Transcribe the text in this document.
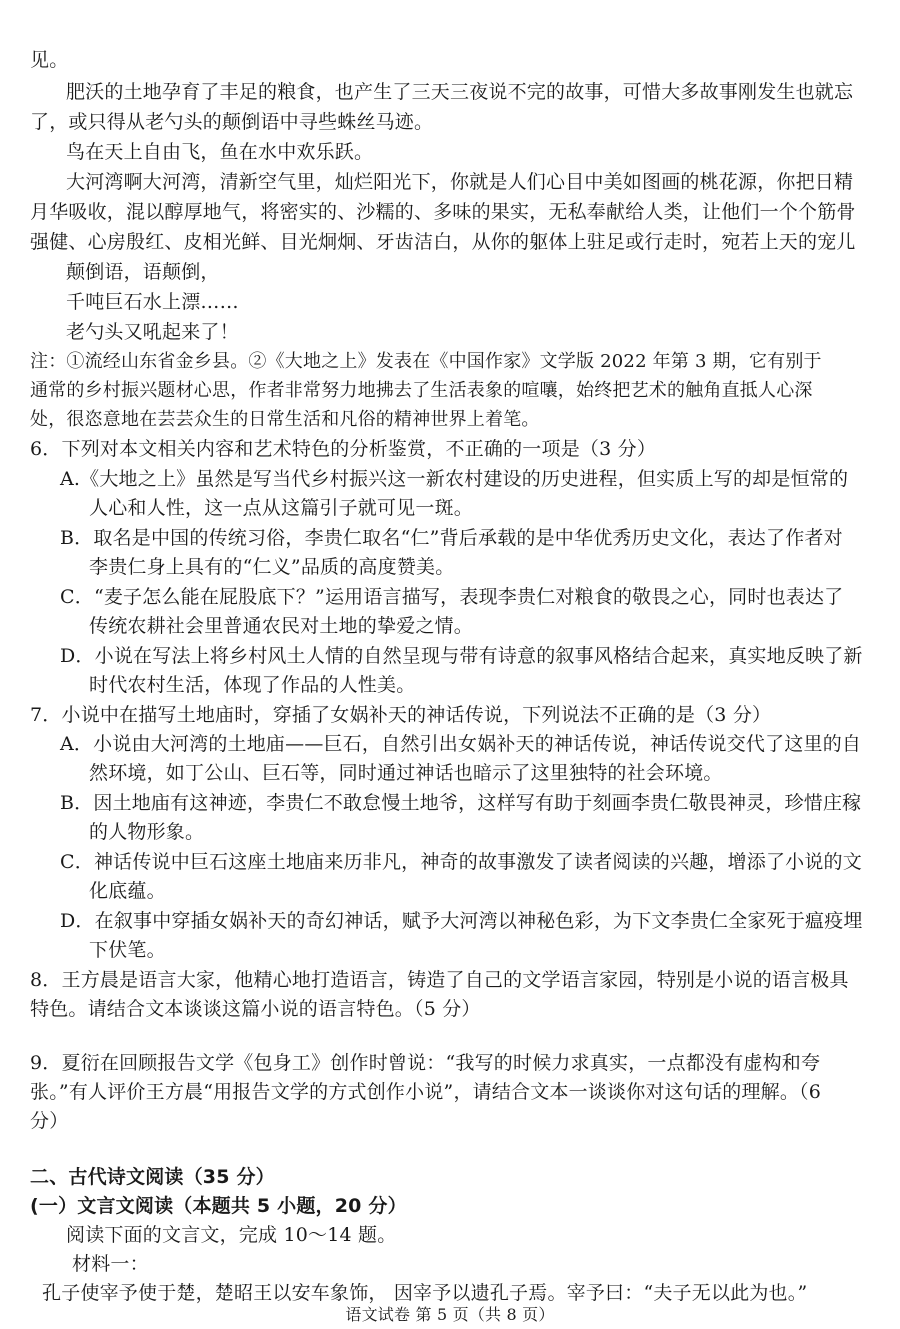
见。
肥沃的土地孕育了丰足的粮食，也产生了三天三夜说不完的故事，可惜大多故事刚发生也就忘
了，或只得从老勺头的颠倒语中寻些蛛丝马迹。
鸟在天上自由飞，鱼在水中欢乐跃。
大河湾啊大河湾，清新空气里，灿烂阳光下，你就是人们心目中美如图画的桃花源，你把日精
月华吸收，混以醇厚地气，将密实的、沙糯的、多味的果实，无私奉献给人类，让他们一个个筋骨
强健、心房殷红、皮相光鲜、目光炯炯、牙齿洁白，从你的躯体上驻足或行走时，宛若上天的宠儿
颠倒语，语颠倒，
千吨巨石水上漂……
老勺头又吼起来了！
注：①流经山东省金乡县。②《大地之上》发表在《中国作家》文学版 2022 年第 3 期，它有别于
通常的乡村振兴题材心思，作者非常努力地拂去了生活表象的喧嚷，始终把艺术的触角直抵人心深
处，很恣意地在芸芸众生的日常生活和凡俗的精神世界上着笔。
6．下列对本文相关内容和艺术特色的分析鉴赏，不正确的一项是（3 分）
A.《大地之上》虽然是写当代乡村振兴这一新农村建设的历史进程，但实质上写的却是恒常的
人心和人性，这一点从这篇引子就可见一斑。
B．取名是中国的传统习俗，李贵仁取名“仁”背后承载的是中华优秀历史文化，表达了作者对
李贵仁身上具有的“仁义”品质的高度赞美。
C．“麦子怎么能在屁股底下？”运用语言描写，表现李贵仁对粮食的敬畏之心，同时也表达了
传统农耕社会里普通农民对土地的挚爱之情。
D．小说在写法上将乡村风土人情的自然呈现与带有诗意的叙事风格结合起来，真实地反映了新
时代农村生活，体现了作品的人性美。
7．小说中在描写土地庙时，穿插了女娲补天的神话传说，下列说法不正确的是（3 分）
A．小说由大河湾的土地庙——巨石，自然引出女娲补天的神话传说，神话传说交代了这里的自
然环境，如丁公山、巨石等，同时通过神话也暗示了这里独特的社会环境。
B．因土地庙有这神迹，李贵仁不敢怠慢土地爷，这样写有助于刻画李贵仁敬畏神灵，珍惜庄稼
的人物形象。
C．神话传说中巨石这座土地庙来历非凡，神奇的故事激发了读者阅读的兴趣，增添了小说的文
化底蕴。
D．在叙事中穿插女娲补天的奇幻神话，赋予大河湾以神秘色彩，为下文李贵仁全家死于瘟疫埋
下伏笔。
8．王方晨是语言大家，他精心地打造语言，铸造了自己的文学语言家园，特别是小说的语言极具
特色。请结合文本谈谈这篇小说的语言特色。（5 分）
9．夏衍在回顾报告文学《包身工》创作时曾说：“我写的时候力求真实，一点都没有虚构和夸
张。”有人评价王方晨“用报告文学的方式创作小说”，请结合文本一谈谈你对这句话的理解。（6
分）
二、古代诗文阅读（35 分）
(一）文言文阅读（本题共 5 小题，20 分）
阅读下面的文言文，完成 10～14 题。
材料一：
孔子使宰予使于楚，楚昭王以安车象饰， 因宰予以遗孔子焉。宰予曰：“夫子无以此为也。”
语文试卷 第 5 页（共 8 页）
